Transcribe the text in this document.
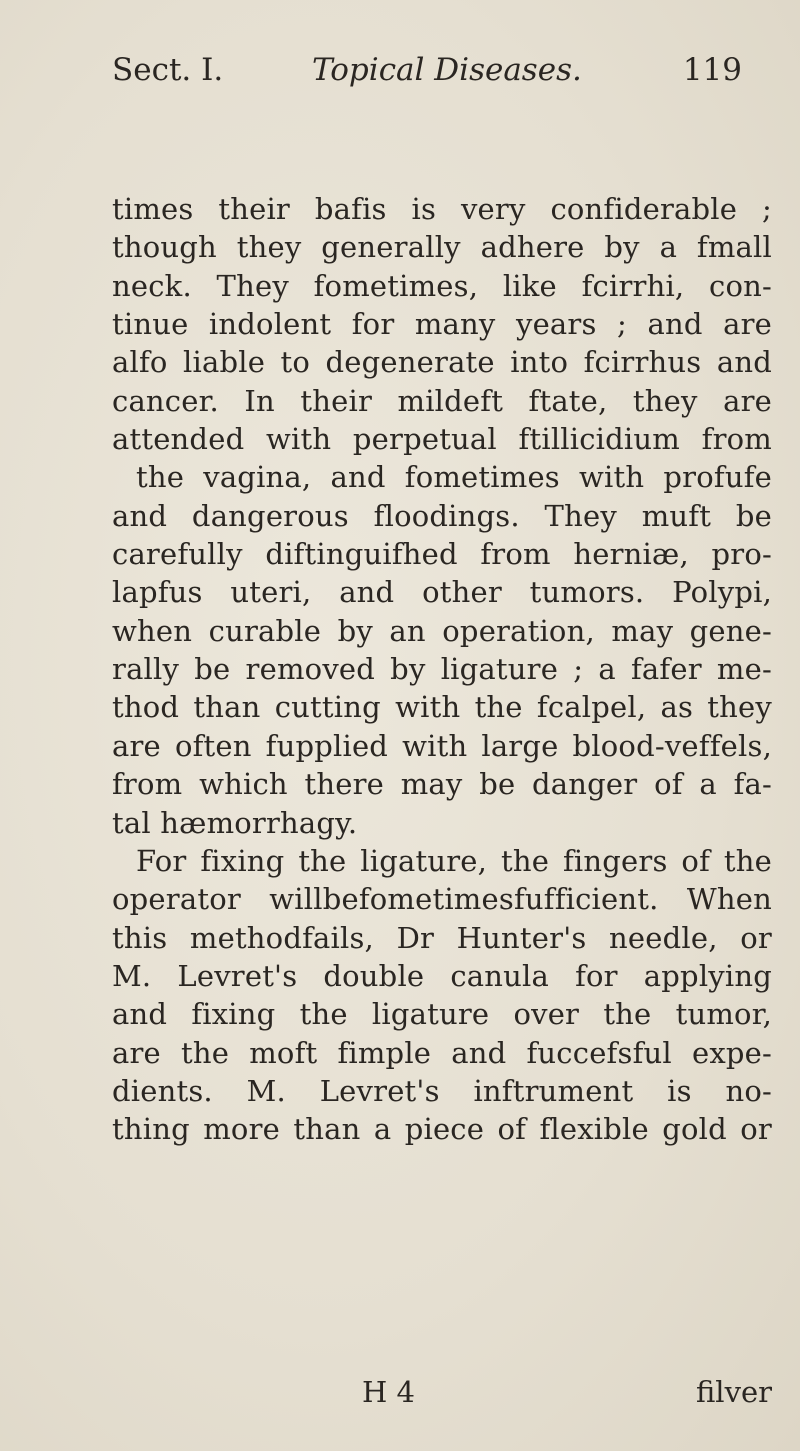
Sect. I.	Topical Diseases.	119
times their bafis is very confiderable ;
though they generally adhere by a fmall
neck. They fometimes, like fcirrhi, con-
tinue indolent for many years ; and are
alfo liable to degenerate into fcirrhus and
cancer. In their mildeft ftate, they are
attended with perpetual ftillicidium from
the vagina, and fometimes with profufe
and dangerous floodings. They muft be
carefully diftinguifhed from herniæ, pro-
lapfus uteri, and other tumors. Polypi,
when curable by an operation, may gene-
rally be removed by ligature ; a fafer me-
thod than cutting with the fcalpel, as they
are often fupplied with large blood-veffels,
from which there may be danger of a fa-
tal hæmorrhagy.
For fixing the ligature, the fingers of the
operator willbefometimesfufficient. When
this methodfails, Dr Hunter's needle, or
M. Levret's double canula for applying
and fixing the ligature over the tumor,
are the moft fimple and fuccefsful expe-
dients. M. Levret's inftrument is no-
thing more than a piece of flexible gold or
H 4	filver
